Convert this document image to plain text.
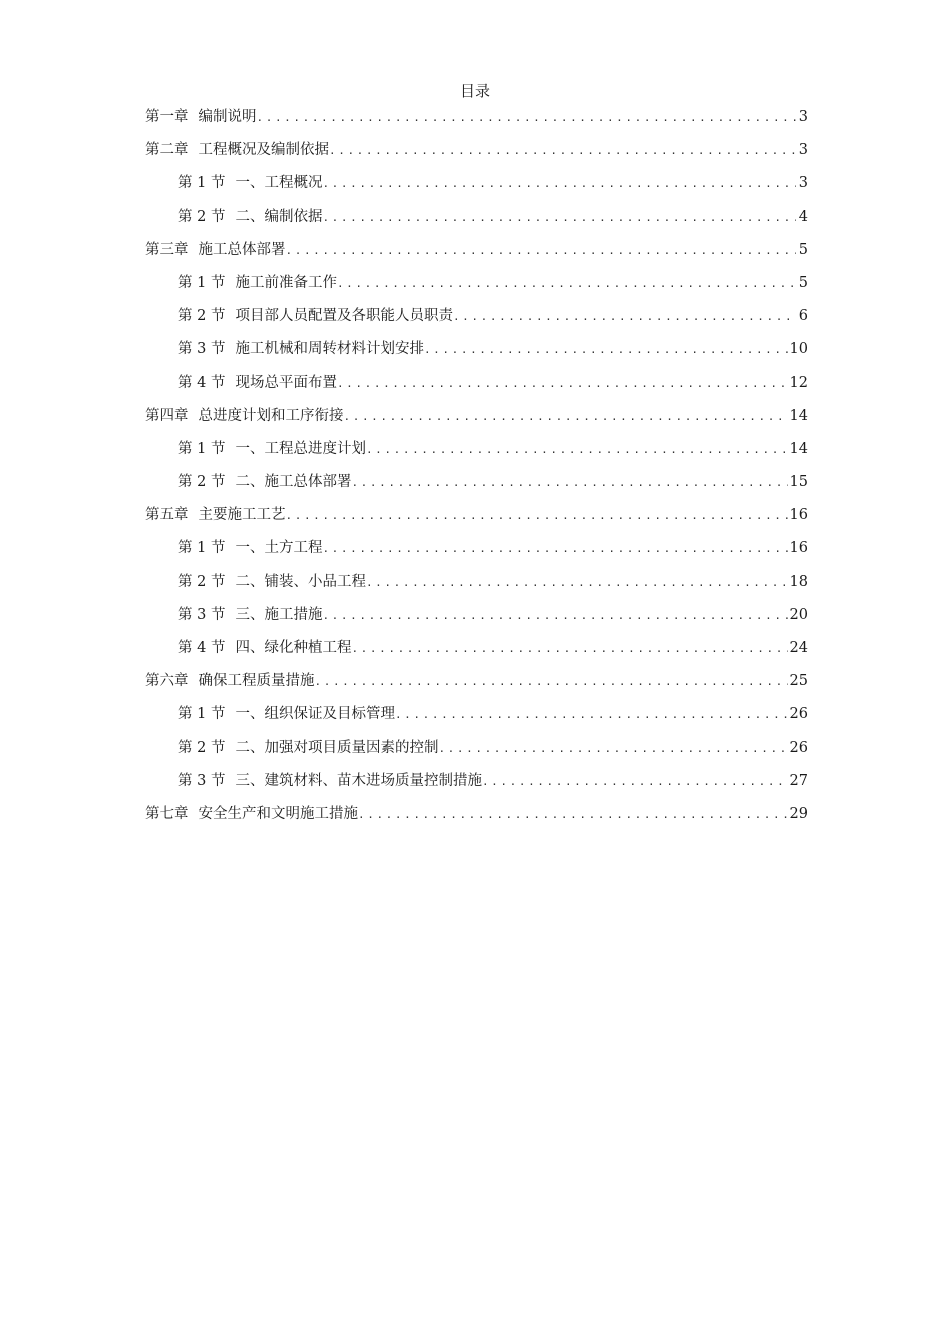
目录
第一章 编制说明 .....	3
第二章 工程概况及编制依据 .....	3
第 1 节 一、工程概况 .....	3
第 2 节 二、编制依据 .....	4
第三章 施工总体部署 .....	5
第 1 节 施工前准备工作 .....	5
第 2 节 项目部人员配置及各职能人员职责 .....	6
第 3 节 施工机械和周转材料计划安排 .....	10
第 4 节 现场总平面布置 .....	12
第四章 总进度计划和工序衔接 .....	14
第 1 节 一、工程总进度计划 .....	14
第 2 节 二、施工总体部署 .....	15
第五章 主要施工工艺 .....	16
第 1 节 一、土方工程 .....	16
第 2 节 二、铺装、小品工程 .....	18
第 3 节 三、施工措施 .....	20
第 4 节 四、绿化种植工程 .....	24
第六章 确保工程质量措施 .....	25
第 1 节 一、组织保证及目标管理 .....	26
第 2 节 二、加强对项目质量因素的控制 .....	26
第 3 节 三、建筑材料、苗木进场质量控制措施 .....	27
第七章 安全生产和文明施工措施 .....	29
